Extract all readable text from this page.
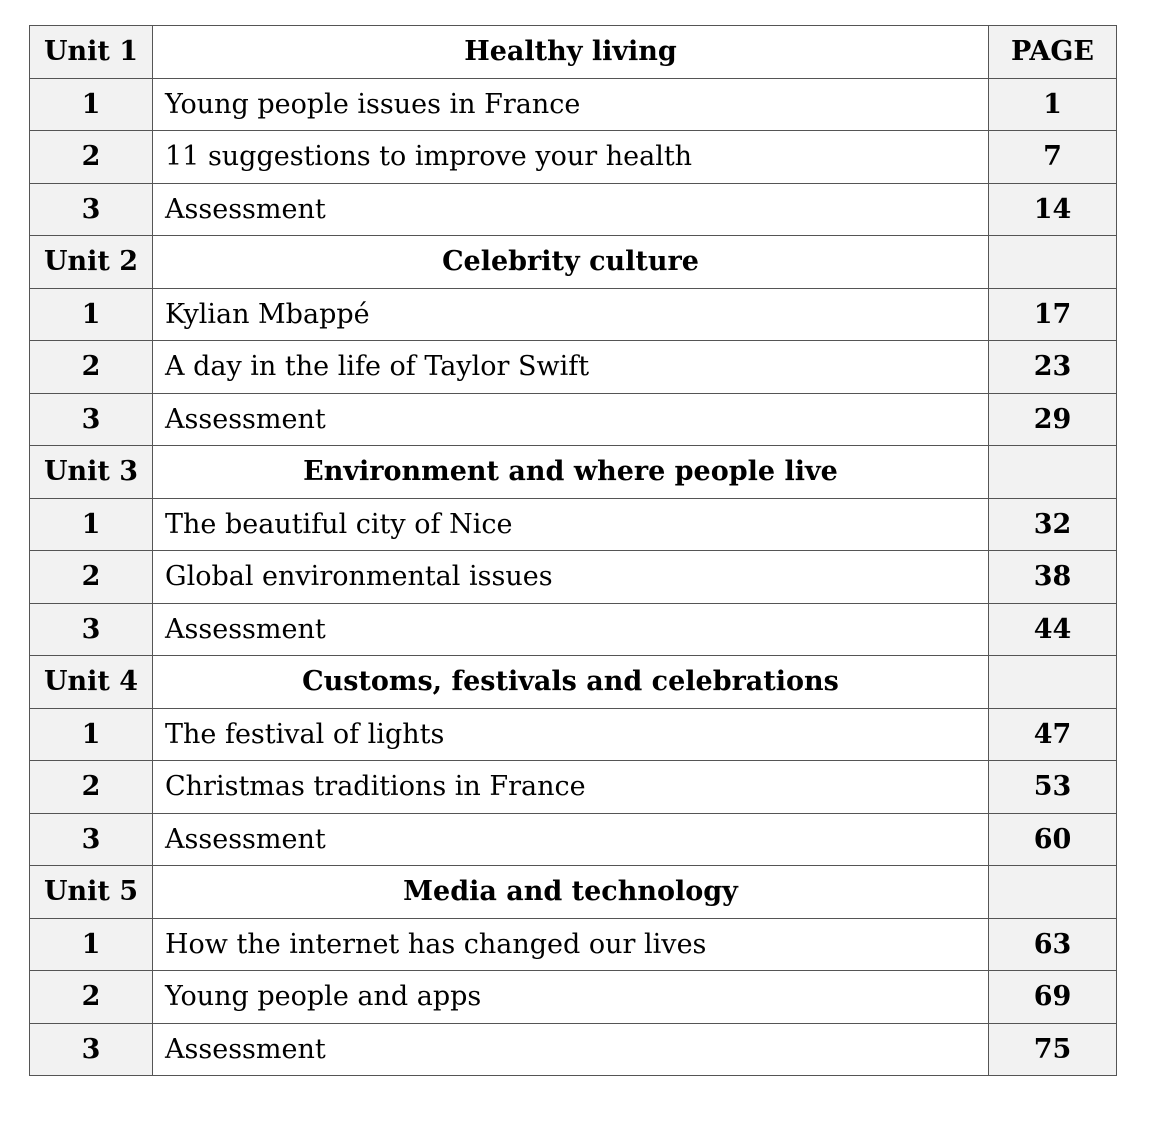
Unit 1	Healthy living	PAGE
1	Young people issues in France	1
2	11 suggestions to improve your health	7
3	Assessment	14
Unit 2	Celebrity culture	
1	Kylian Mbappé	17
2	A day in the life of Taylor Swift	23
3	Assessment	29
Unit 3	Environment and where people live	
1	The beautiful city of Nice	32
2	Global environmental issues	38
3	Assessment	44
Unit 4	Customs, festivals and celebrations	
1	The festival of lights	47
2	Christmas traditions in France	53
3	Assessment	60
Unit 5	Media and technology	
1	How the internet has changed our lives	63
2	Young people and apps	69
3	Assessment	75
